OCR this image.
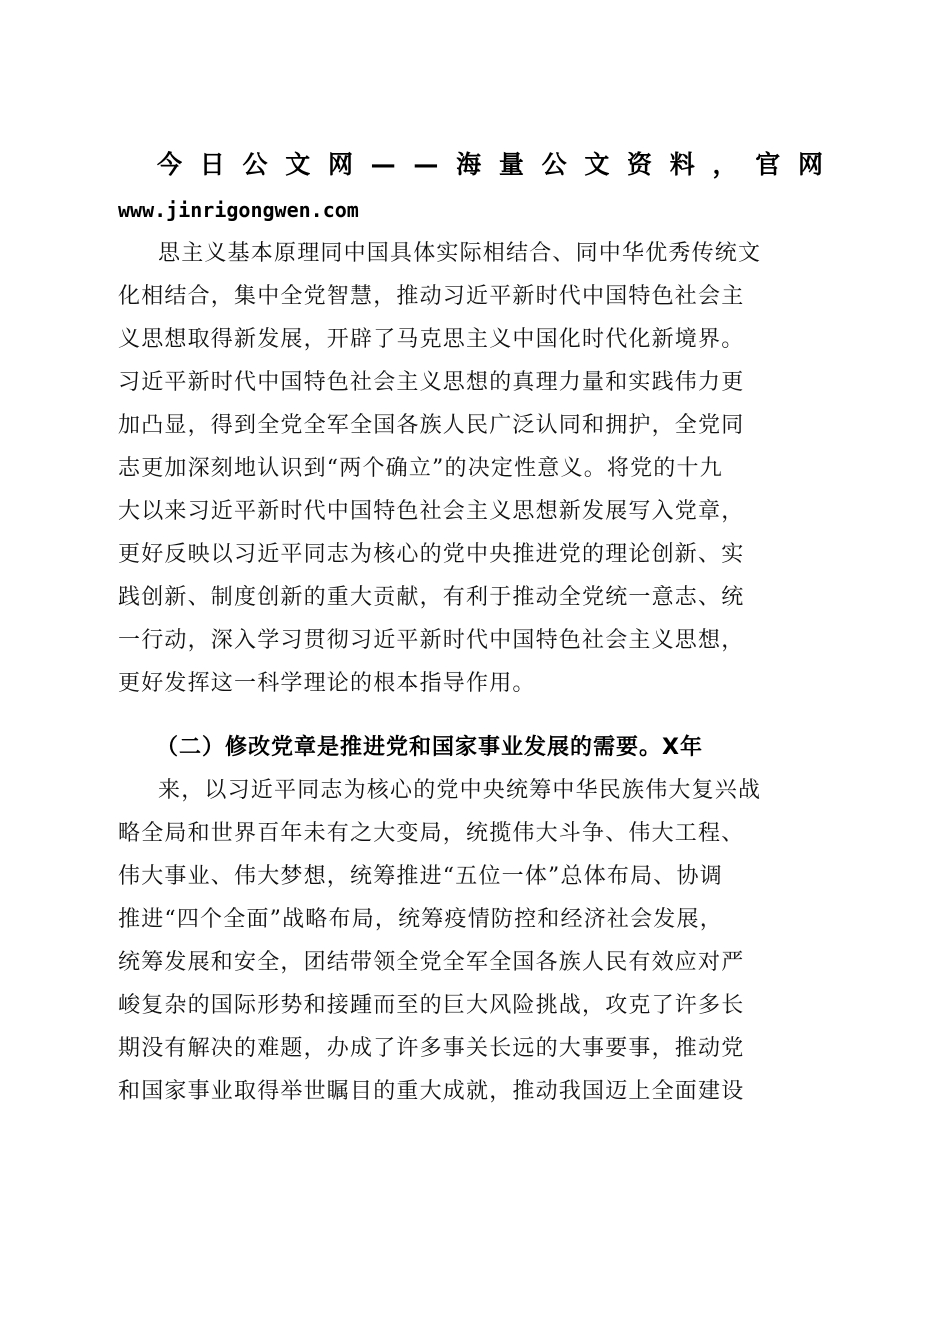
今 日 公 文 网 — — 海 量 公 文 资 料 ， 官 网
www.jinrigongwen.com
思主义基本原理同中国具体实际相结合、同中华优秀传统文
化相结合，集中全党智慧，推动习近平新时代中国特色社会主
义思想取得新发展，开辟了马克思主义中国化时代化新境界。
习近平新时代中国特色社会主义思想的真理力量和实践伟力更
加凸显，得到全党全军全国各族人民广泛认同和拥护，全党同
志更加深刻地认识到“两个确立”的决定性意义。将党的十九
大以来习近平新时代中国特色社会主义思想新发展写入党章，
更好反映以习近平同志为核心的党中央推进党的理论创新、实
践创新、制度创新的重大贡献，有利于推动全党统一意志、统
一行动，深入学习贯彻习近平新时代中国特色社会主义思想，
更好发挥这一科学理论的根本指导作用。
（二）修改党章是推进党和国家事业发展的需要。X年
来，以习近平同志为核心的党中央统筹中华民族伟大复兴战
略全局和世界百年未有之大变局，统揽伟大斗争、伟大工程、
伟大事业、伟大梦想，统筹推进“五位一体”总体布局、协调
推进“四个全面”战略布局，统筹疫情防控和经济社会发展，
统筹发展和安全，团结带领全党全军全国各族人民有效应对严
峻复杂的国际形势和接踵而至的巨大风险挑战，攻克了许多长
期没有解决的难题，办成了许多事关长远的大事要事，推动党
和国家事业取得举世瞩目的重大成就，推动我国迈上全面建设
